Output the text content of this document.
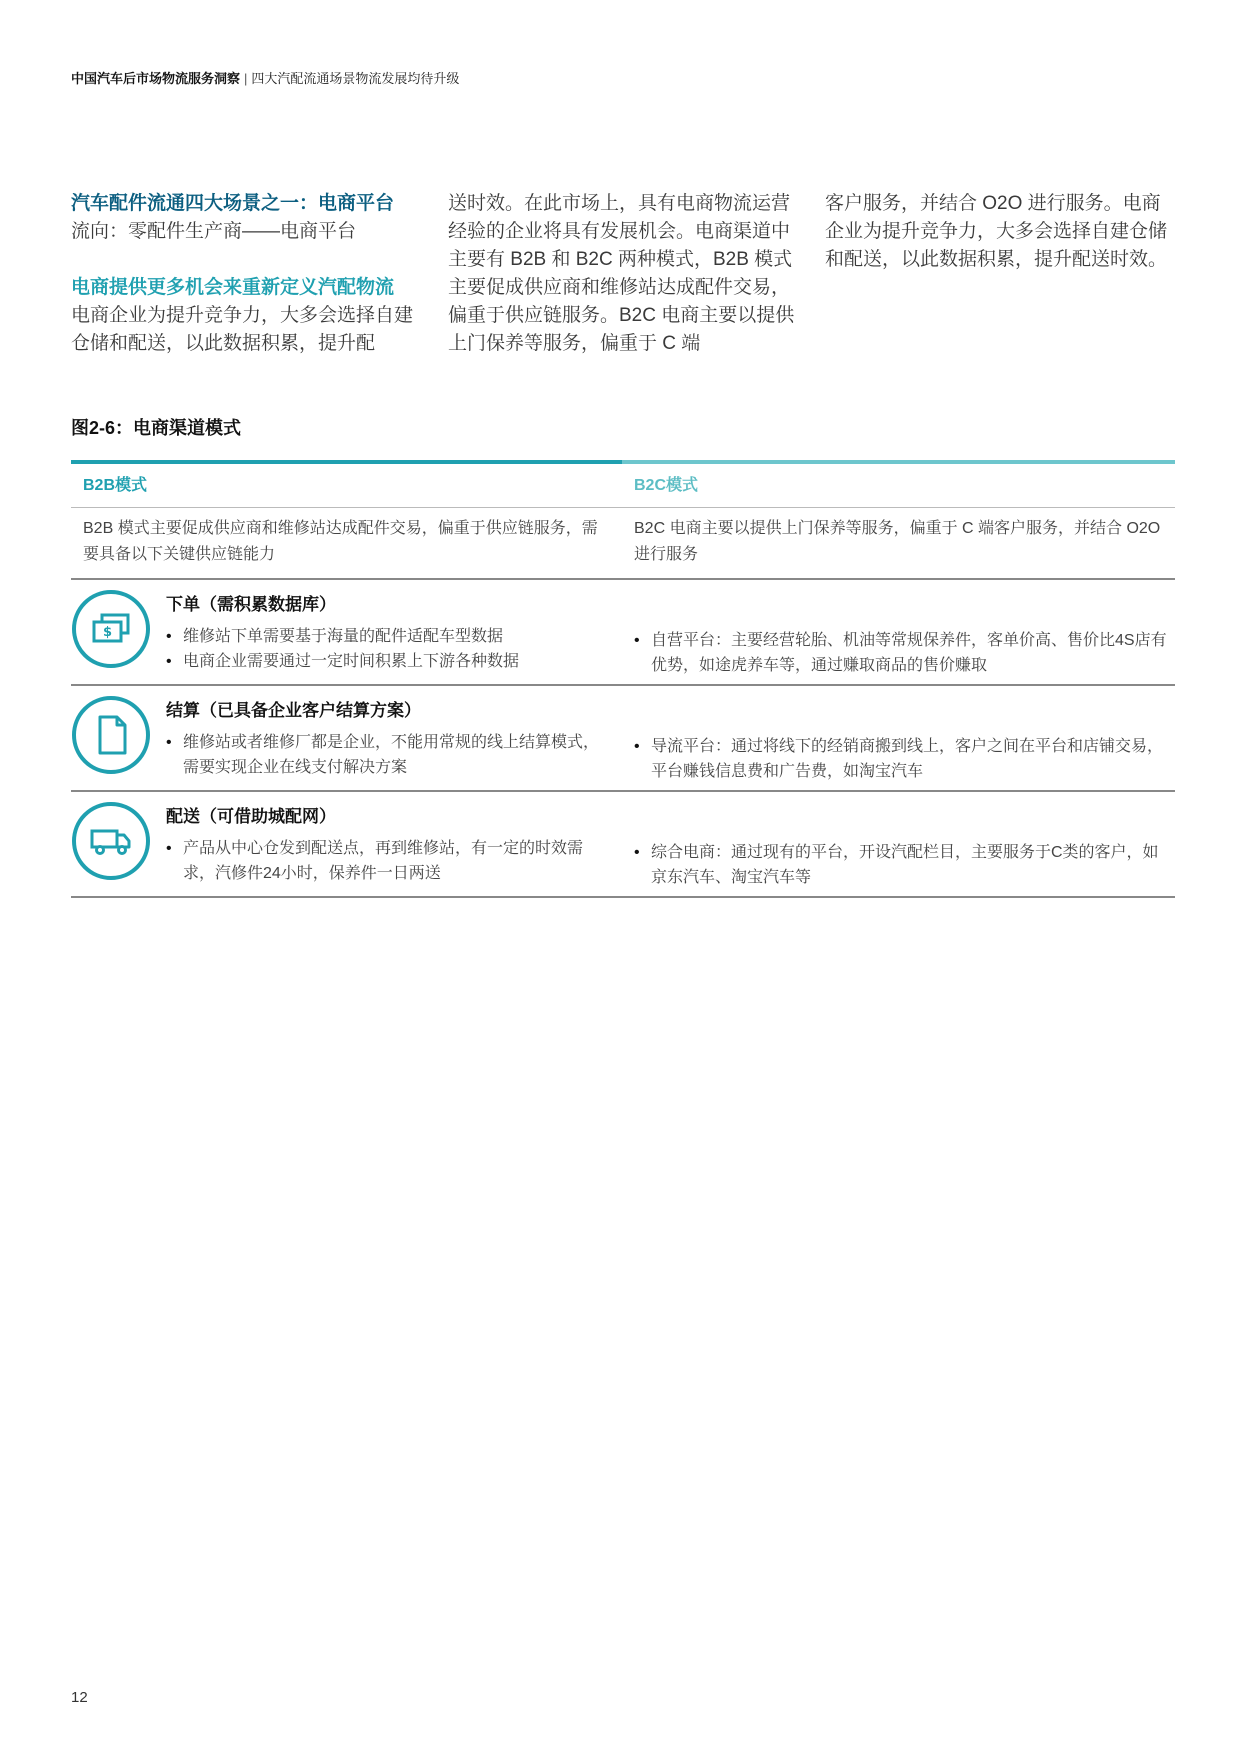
中国汽车后市场物流服务洞察 | 四大汽配流通场景物流发展均待升级
汽车配件流通四大场景之一：电商平台
流向：零配件生产商——电商平台
电商提供更多机会来重新定义汽配物流
电商企业为提升竞争力，大多会选择自建仓储和配送，以此数据积累，提升配
送时效。在此市场上，具有电商物流运营经验的企业将具有发展机会。电商渠道中主要有 B2B 和 B2C 两种模式，B2B 模式主要促成供应商和维修站达成配件交易，偏重于供应链服务。B2C 电商主要以提供上门保养等服务，偏重于 C 端
客户服务，并结合 O2O 进行服务。电商企业为提升竞争力，大多会选择自建仓储和配送，以此数据积累，提升配送时效。
图2-6：电商渠道模式
B2B模式	B2C模式
B2B 模式主要促成供应商和维修站达成配件交易，偏重于供应链服务，需要具备以下关键供应链能力
B2C 电商主要以提供上门保养等服务，偏重于 C 端客户服务，并结合 O2O 进行服务
$
下单（需积累数据库）
• 维修站下单需要基于海量的配件适配车型数据
• 电商企业需要通过一定时间积累上下游各种数据
• 自营平台：主要经营轮胎、机油等常规保养件，客单价高、售价比4S店有优势，如途虎养车等，通过赚取商品的售价赚取
结算（已具备企业客户结算方案）
• 维修站或者维修厂都是企业，不能用常规的线上结算模式，需要实现企业在线支付解决方案
• 导流平台：通过将线下的经销商搬到线上，客户之间在平台和店铺交易，平台赚钱信息费和广告费，如淘宝汽车
配送（可借助城配网）
• 产品从中心仓发到配送点，再到维修站，有一定的时效需求，汽修件24小时，保养件一日两送
• 综合电商：通过现有的平台，开设汽配栏目，主要服务于C类的客户，如京东汽车、淘宝汽车等
12
